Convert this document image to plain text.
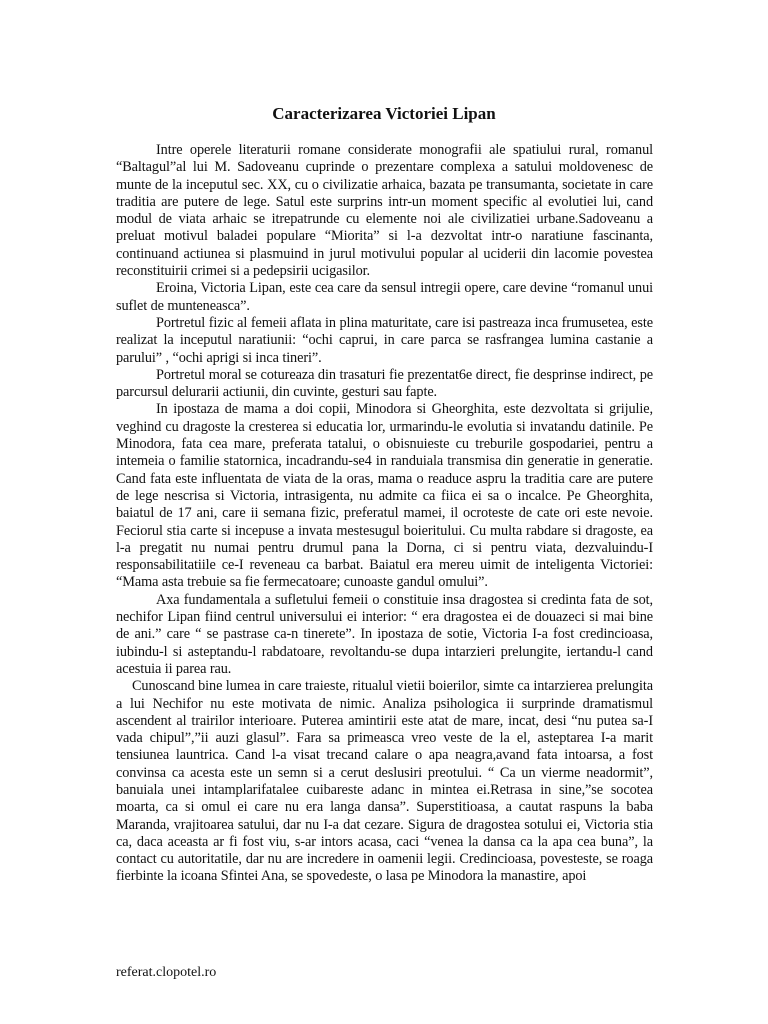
Caracterizarea Victoriei Lipan

Intre operele literaturii romane considerate monografii ale spatiului rural, romanul “Baltagul”al lui M. Sadoveanu cuprinde o prezentare complexa a satului moldovenesc de munte de la inceputul sec. XX, cu o civilizatie arhaica, bazata pe transumanta, societate in care traditia are putere de lege. Satul este surprins intr-un moment specific al evolutiei lui, cand modul de viata arhaic se itrepatrunde cu elemente noi ale civilizatiei urbane.Sadoveanu a preluat motivul baladei populare “Miorita” si l-a dezvoltat intr-o naratiune fascinanta, continuand actiunea si plasmuind in jurul motivului popular al uciderii din lacomie povestea reconstituirii crimei si a pedepsirii ucigasilor.

Eroina, Victoria Lipan, este cea care da sensul intregii opere, care devine “romanul unui suflet de munteneasca”.

Portretul fizic al femeii aflata in plina maturitate, care isi pastreaza inca frumusetea, este realizat la inceputul naratiunii: “ochi caprui, in care parca se rasfrangea lumina castanie a parului” , “ochi aprigi si inca tineri”.

Portretul moral se cotureaza din trasaturi fie prezentat6e direct, fie desprinse indirect, pe parcursul delurarii actiunii, din cuvinte, gesturi sau fapte.

In ipostaza de mama a doi copii, Minodora si Gheorghita, este dezvoltata si grijulie, veghind cu dragoste la cresterea si educatia lor, urmarindu-le evolutia si invatandu datinile. Pe Minodora, fata cea mare, preferata tatalui, o obisnuieste cu treburile gospodariei, pentru a intemeia o familie statornica, incadrandu-se4 in randuiala transmisa din generatie in generatie. Cand fata este influentata de viata de la oras, mama o readuce aspru la traditia care are putere de lege nescrisa si Victoria, intrasigenta, nu admite ca fiica ei sa o incalce. Pe Gheorghita, baiatul de 17 ani, care ii semana fizic, preferatul mamei, il ocroteste de cate ori este nevoie. Feciorul stia carte si incepuse a invata mestesugul boieritului. Cu multa rabdare si dragoste, ea l-a pregatit nu numai pentru drumul pana la Dorna, ci si pentru viata, dezvaluindu-I responsabilitatiile ce-I reveneau ca barbat. Baiatul era mereu uimit de inteligenta Victoriei: “Mama asta trebuie sa fie fermecatoare; cunoaste gandul omului”.

Axa fundamentala a sufletului femeii o constituie insa dragostea si credinta fata de sot, nechifor Lipan fiind centrul universului ei interior: “ era dragostea ei de douazeci si mai bine de ani.” care “ se pastrase ca-n tinerete”. In ipostaza de sotie, Victoria I-a fost credincioasa, iubindu-l si asteptandu-l rabdatoare, revoltandu-se dupa intarzieri prelungite, iertandu-l cand acestuia ii parea rau.

Cunoscand bine lumea in care traieste, ritualul vietii boierilor, simte ca intarzierea prelungita a lui Nechifor nu este motivata de nimic. Analiza psihologica ii surprinde dramatismul ascendent al trairilor interioare. Puterea amintirii este atat de mare, incat, desi “nu putea sa-I vada chipul”,”ii auzi glasul”. Fara sa primeasca vreo veste de la el, asteptarea I-a marit tensiunea launtrica. Cand l-a visat trecand calare o apa neagra,avand fata intoarsa, a fost convinsa ca acesta este un semn si a cerut deslusiri preotului. “ Ca un vierme neadormit”, banuiala unei intamplarifatalee cuibareste adanc in mintea ei.Retrasa in sine,”se socotea moarta, ca si omul ei care nu era langa dansa”. Superstitioasa, a cautat raspuns la baba Maranda, vrajitoarea satului, dar nu I-a dat cezare. Sigura de dragostea sotului ei, Victoria stia ca, daca aceasta ar fi fost viu, s-ar intors acasa, caci “venea la dansa ca la apa cea buna”, la contact cu autoritatile, dar nu are incredere in oamenii legii. Credincioasa, povesteste, se roaga fierbinte la icoana Sfintei Ana, se spovedeste, o lasa pe Minodora la manastire, apoi

referat.clopotel.ro
